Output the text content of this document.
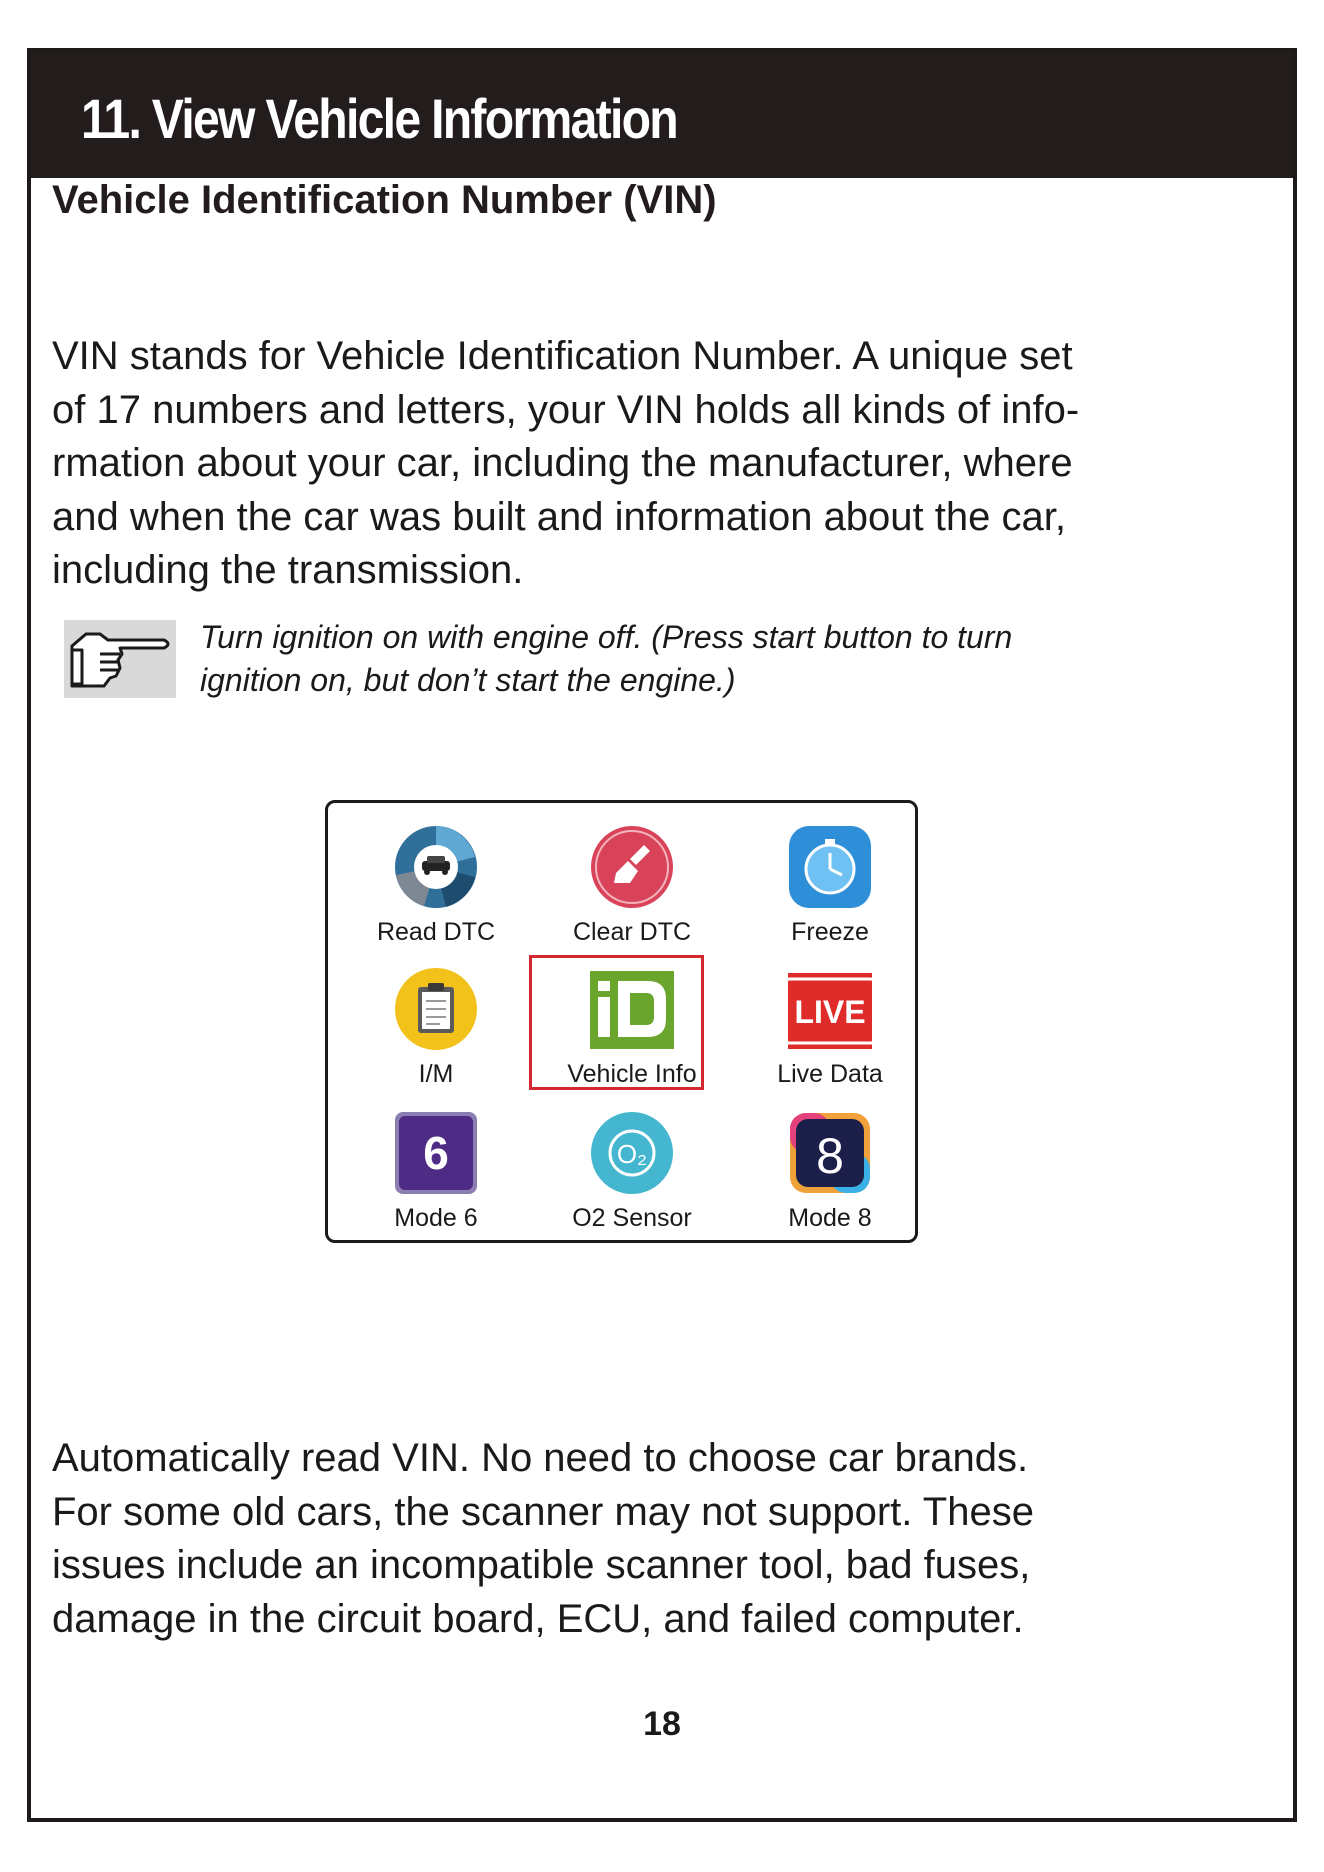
11. View Vehicle Information
Vehicle Identification Number (VIN)
VIN stands for Vehicle Identification Number. A unique set
of 17 numbers and letters, your VIN holds all kinds of info-
rmation about your car, including the manufacturer, where
and when the car was built and information about the car,
including the transmission.
Turn ignition on with engine off. (Press start button to turn
ignition on, but don’t start the engine.)
Read DTC	Clear DTC	Freeze
I/M	Vehicle Info
LIVE
Live Data
6
Mode 6
O₂
O2 Sensor
8
Mode 8
Automatically read VIN. No need to choose car brands.
For some old cars, the scanner may not support. These
issues include an incompatible scanner tool, bad fuses,
damage in the circuit board, ECU, and failed computer.
18
